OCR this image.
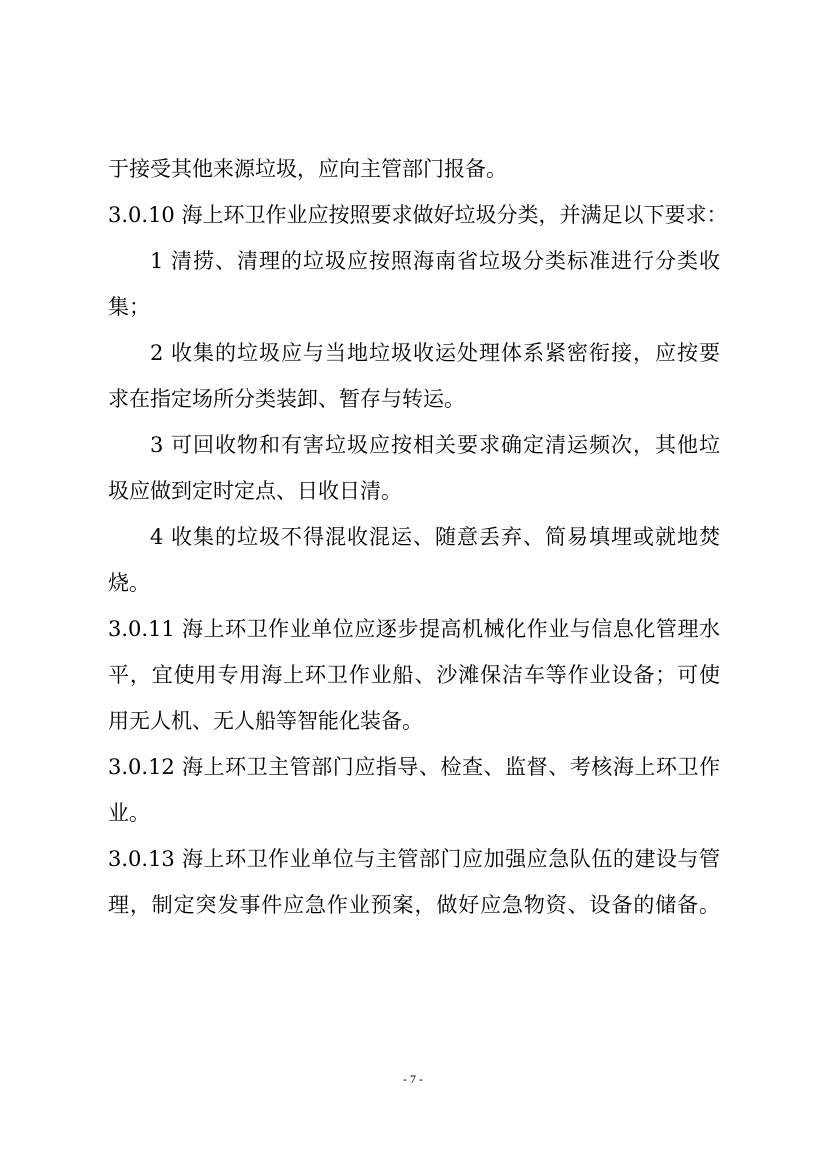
于接受其他来源垃圾，应向主管部门报备。
3.0.10 海上环卫作业应按照要求做好垃圾分类，并满足以下要求：
1 清捞、清理的垃圾应按照海南省垃圾分类标准进行分类收
集；
2 收集的垃圾应与当地垃圾收运处理体系紧密衔接，应按要
求在指定场所分类装卸、暂存与转运。
3 可回收物和有害垃圾应按相关要求确定清运频次，其他垃
圾应做到定时定点、日收日清。
4 收集的垃圾不得混收混运、随意丢弃、简易填埋或就地焚
烧。
3.0.11 海上环卫作业单位应逐步提高机械化作业与信息化管理水
平，宜使用专用海上环卫作业船、沙滩保洁车等作业设备；可使
用无人机、无人船等智能化装备。
3.0.12 海上环卫主管部门应指导、检查、监督、考核海上环卫作
业。
3.0.13 海上环卫作业单位与主管部门应加强应急队伍的建设与管
理，制定突发事件应急作业预案，做好应急物资、设备的储备。
- 7 -
